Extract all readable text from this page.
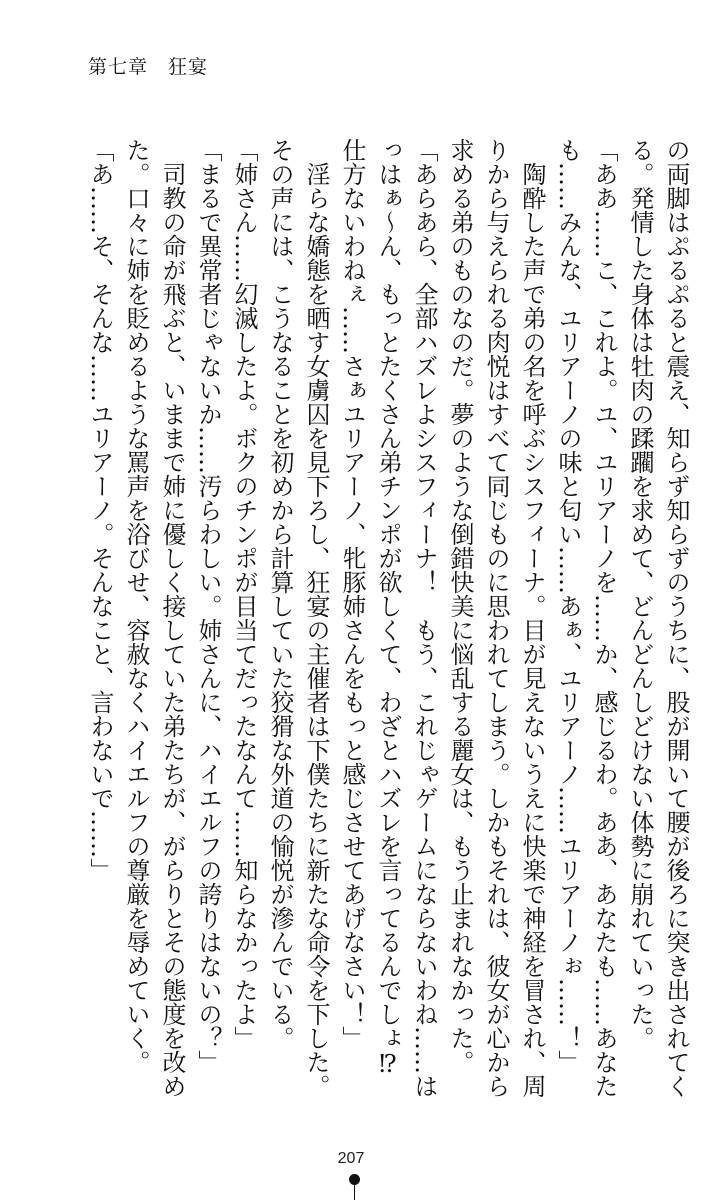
第七章　狂宴
の両脚はぷるぷると震え、知らず知らずのうちに、股が開いて腰が後ろに突き出されてく
る。発情した身体は牡肉の蹂躙を求めて、どんどんしどけない体勢に崩れていった。
「ああ……こ、これよ。ユ、ユリアーノを……か、感じるわ。ああ、あなたも……あなた
も……みんな、ユリアーノの味と匂い……あぁ、ユリアーノ……ユリアーノぉ……！」
　陶酔した声で弟の名を呼ぶシスフィーナ。目が見えないうえに快楽で神経を冒され、周
りから与えられる肉悦はすべて同じものに思われてしまう。しかもそれは、彼女が心から
求める弟のものなのだ。夢のような倒錯快美に悩乱する麗女は、もう止まれなかった。
「あらあら、全部ハズレよシスフィーナ！　もう、これじゃゲームにならないわね……は
っはぁ～ん、もっとたくさん弟チンポが欲しくて、わざとハズレを言ってるんでしょ⁉
仕方ないわねぇ……さぁユリアーノ、牝豚姉さんをもっと感じさせてあげなさい！」
　淫らな嬌態を晒す女虜囚を見下ろし、狂宴の主催者は下僕たちに新たな命令を下した。
その声には、こうなることを初めから計算していた狡猾な外道の愉悦が滲んでいる。
「姉さん……幻滅したよ。ボクのチンポが目当てだったなんて……知らなかったよ」
「まるで異常者じゃないか……汚らわしい。姉さんに、ハイエルフの誇りはないの？」
　司教の命が飛ぶと、いままで姉に優しく接していた弟たちが、がらりとその態度を改め
た。口々に姉を貶めるような罵声を浴びせ、容赦なくハイエルフの尊厳を辱めていく。
「あ……そ、そんな……ユリアーノ。そんなこと、言わないで……」
207
